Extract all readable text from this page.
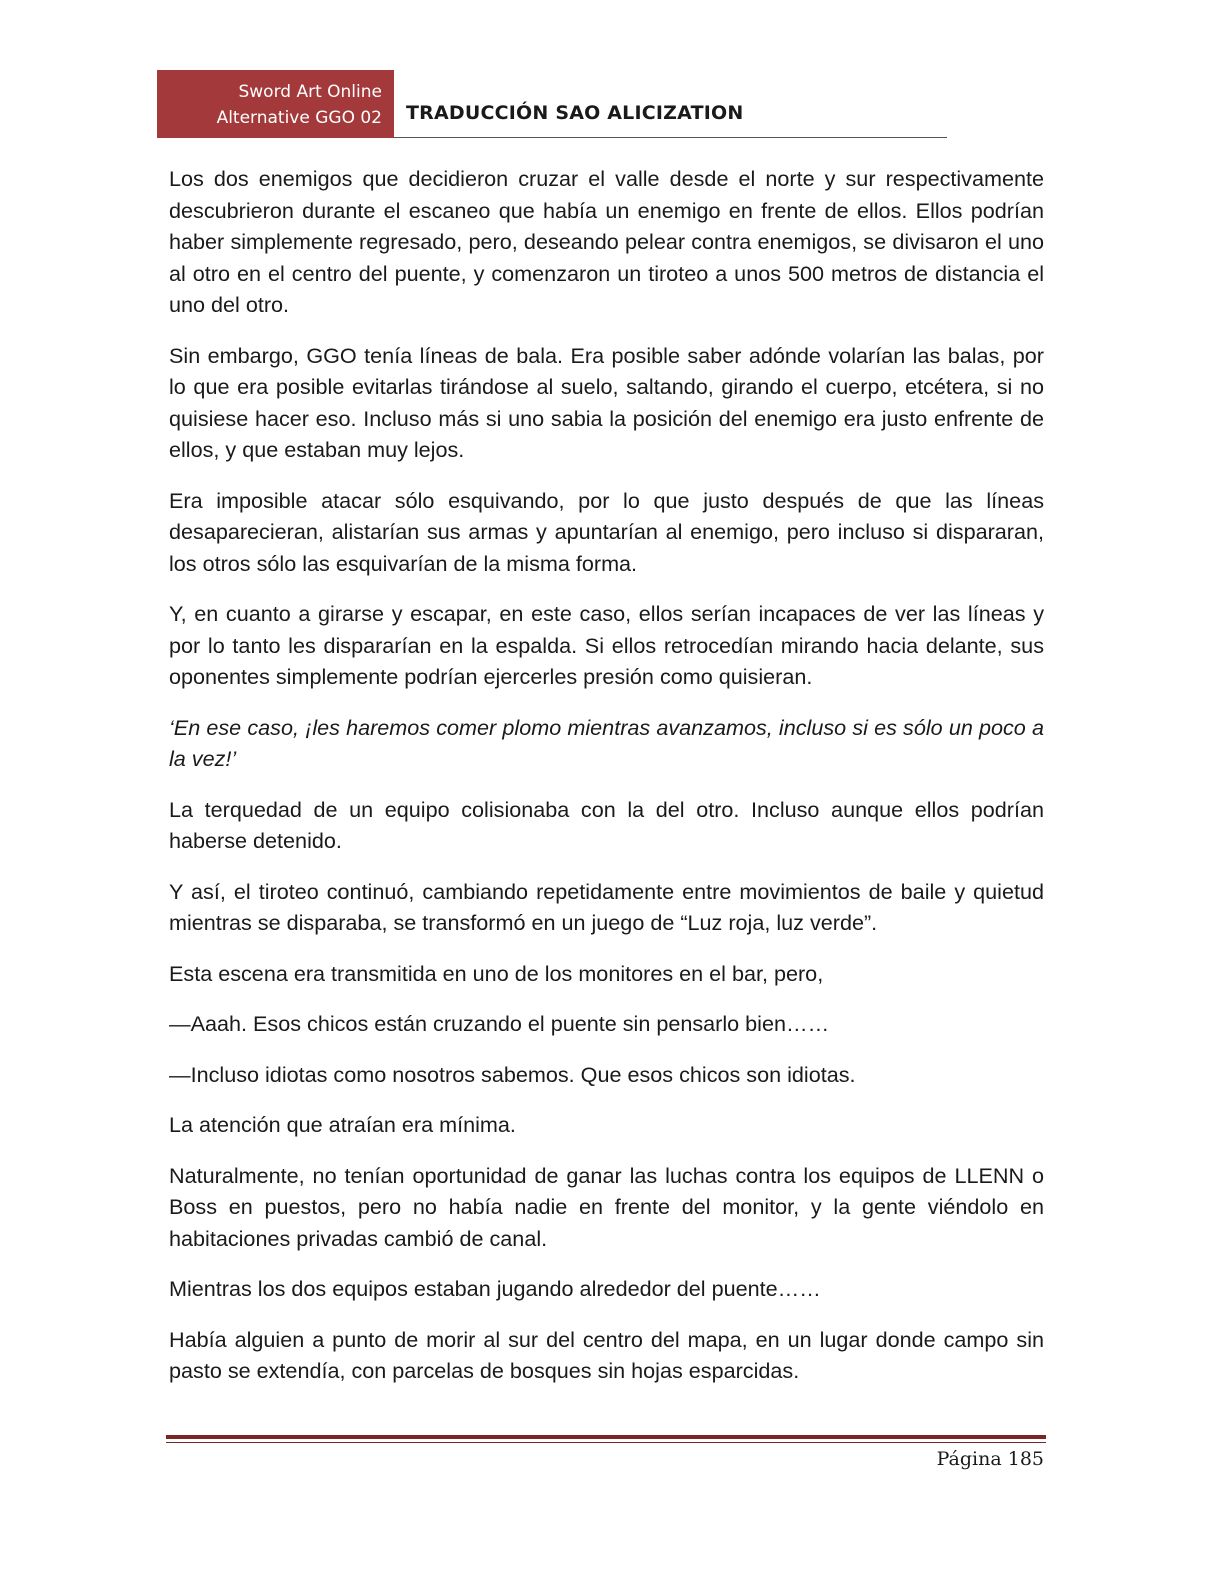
Sword Art Online
Alternative GGO 02 TRADUCCIÓN SAO ALICIZATION

Los dos enemigos que decidieron cruzar el valle desde el norte y sur respectivamente descubrieron durante el escaneo que había un enemigo en frente de ellos. Ellos podrían haber simplemente regresado, pero, deseando pelear contra enemigos, se divisaron el uno al otro en el centro del puente, y comenzaron un tiroteo a unos 500 metros de distancia el uno del otro.

Sin embargo, GGO tenía líneas de bala. Era posible saber adónde volarían las balas, por lo que era posible evitarlas tirándose al suelo, saltando, girando el cuerpo, etcétera, si no quisiese hacer eso. Incluso más si uno sabia la posición del enemigo era justo enfrente de ellos, y que estaban muy lejos.

Era imposible atacar sólo esquivando, por lo que justo después de que las líneas desaparecieran, alistarían sus armas y apuntarían al enemigo, pero incluso si dispararan, los otros sólo las esquivarían de la misma forma.

Y, en cuanto a girarse y escapar, en este caso, ellos serían incapaces de ver las líneas y por lo tanto les dispararían en la espalda. Si ellos retrocedían mirando hacia delante, sus oponentes simplemente podrían ejercerles presión como quisieran.

‘En ese caso, ¡les haremos comer plomo mientras avanzamos, incluso si es sólo un poco a la vez!’

La terquedad de un equipo colisionaba con la del otro. Incluso aunque ellos podrían haberse detenido.

Y así, el tiroteo continuó, cambiando repetidamente entre movimientos de baile y quietud mientras se disparaba, se transformó en un juego de “Luz roja, luz verde”.

Esta escena era transmitida en uno de los monitores en el bar, pero,

—Aaah. Esos chicos están cruzando el puente sin pensarlo bien……

—Incluso idiotas como nosotros sabemos. Que esos chicos son idiotas.

La atención que atraían era mínima.

Naturalmente, no tenían oportunidad de ganar las luchas contra los equipos de LLENN o Boss en puestos, pero no había nadie en frente del monitor, y la gente viéndolo en habitaciones privadas cambió de canal.

Mientras los dos equipos estaban jugando alrededor del puente……

Había alguien a punto de morir al sur del centro del mapa, en un lugar donde campo sin pasto se extendía, con parcelas de bosques sin hojas esparcidas.

Página 185
